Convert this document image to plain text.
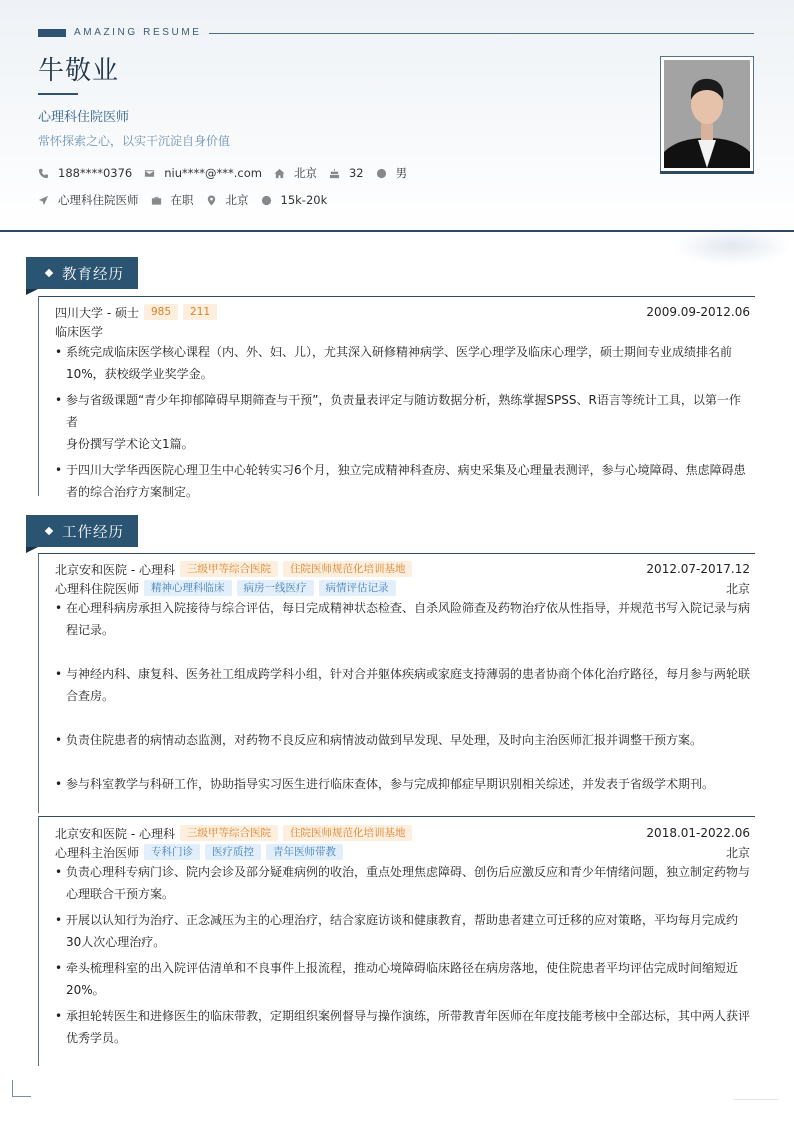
AMAZING RESUME
牛敬业
心理科住院医师
常怀探索之心，以实干沉淀自身价值
188****0376	niu****@***.com	北京	32	男
心理科住院医师	在职	北京	15k-20k
教育经历
四川大学 - 硕士	985	211	2009.09-2012.06
临床医学
• 系统完成临床医学核心课程（内、外、妇、儿），尤其深入研修精神病学、医学心理学及临床心理学，硕士期间专业成绩排名前
10%，获校级学业奖学金。
• 参与省级课题“青少年抑郁障碍早期筛查与干预”，负责量表评定与随访数据分析，熟练掌握SPSS、R语言等统计工具，以第一作者
身份撰写学术论文1篇。
• 于四川大学华西医院心理卫生中心轮转实习6个月，独立完成精神科查房、病史采集及心理量表测评，参与心境障碍、焦虑障碍患
者的综合治疗方案制定。
工作经历
北京安和医院 - 心理科	三级甲等综合医院	住院医师规范化培训基地	2012.07-2017.12
心理科住院医师	精神心理科临床	病房一线医疗	病情评估记录	北京
• 在心理科病房承担入院接待与综合评估，每日完成精神状态检查、自杀风险筛查及药物治疗依从性指导，并规范书写入院记录与病
程记录。
• 与神经内科、康复科、医务社工组成跨学科小组，针对合并躯体疾病或家庭支持薄弱的患者协商个体化治疗路径，每月参与两轮联
合查房。
• 负责住院患者的病情动态监测，对药物不良反应和病情波动做到早发现、早处理，及时向主治医师汇报并调整干预方案。
• 参与科室教学与科研工作，协助指导实习医生进行临床查体，参与完成抑郁症早期识别相关综述，并发表于省级学术期刊。
北京安和医院 - 心理科	三级甲等综合医院	住院医师规范化培训基地	2018.01-2022.06
心理科主治医师	专科门诊	医疗质控	青年医师带教	北京
• 负责心理科专病门诊、院内会诊及部分疑难病例的收治，重点处理焦虑障碍、创伤后应激反应和青少年情绪问题，独立制定药物与
心理联合干预方案。
• 开展以认知行为治疗、正念减压为主的心理治疗，结合家庭访谈和健康教育，帮助患者建立可迁移的应对策略，平均每月完成约
30人次心理治疗。
• 牵头梳理科室的出入院评估清单和不良事件上报流程，推动心境障碍临床路径在病房落地，使住院患者平均评估完成时间缩短近
20%。
• 承担轮转医生和进修医生的临床带教，定期组织案例督导与操作演练，所带教青年医师在年度技能考核中全部达标，其中两人获评
优秀学员。
